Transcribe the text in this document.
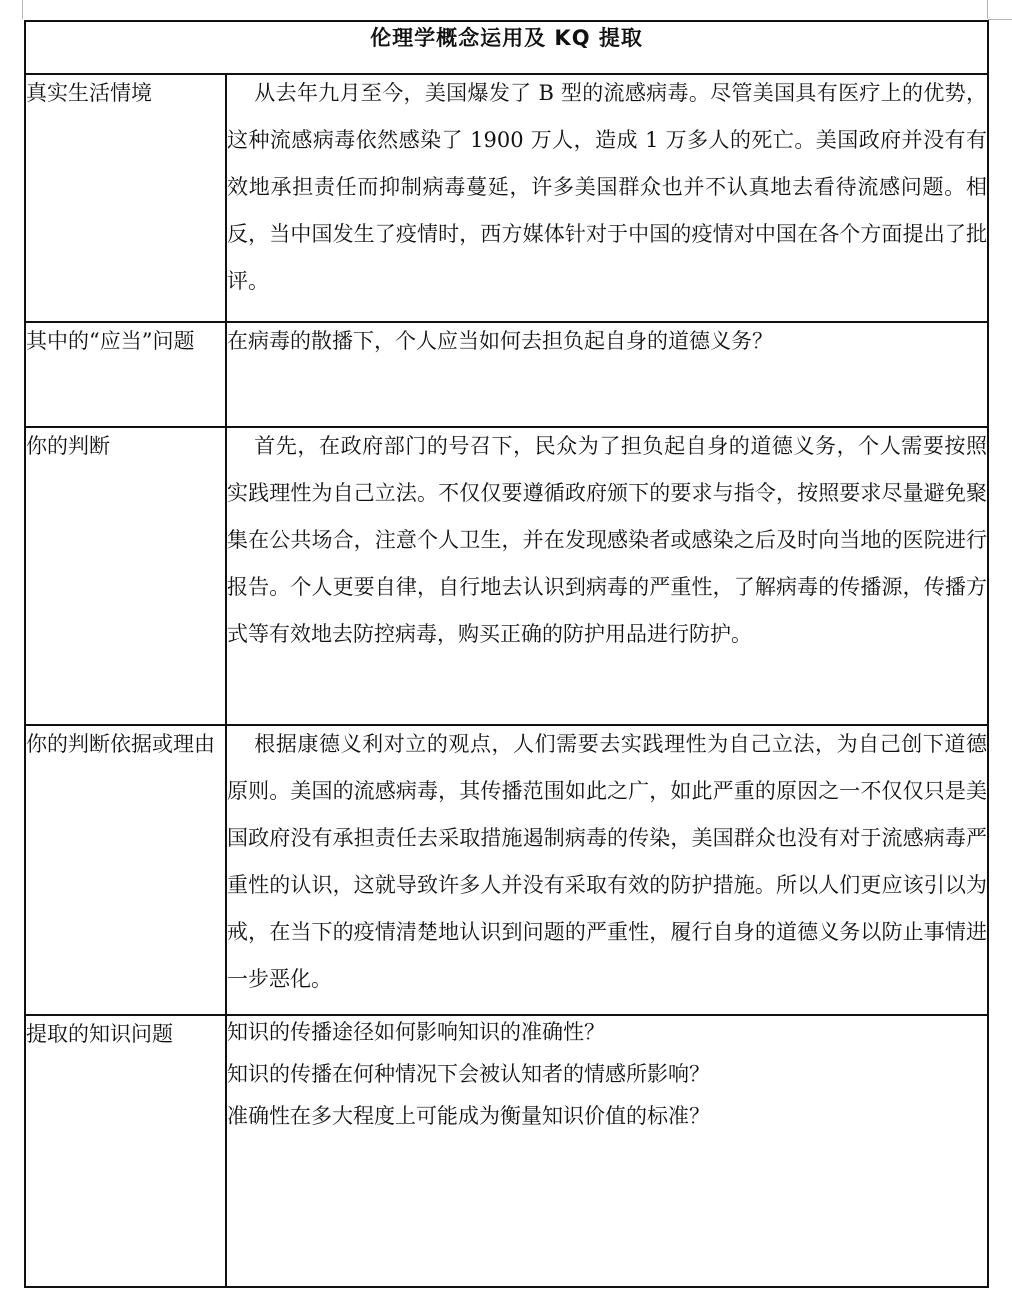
伦理学概念运用及 KQ 提取	

真实生活情境	从去年九月至今，美国爆发了 B 型的流感病毒。尽管美国具有医疗上的优势，这种流感病毒依然感染了 1900 万人，造成 1 万多人的死亡。美国政府并没有有效地承担责任而抑制病毒蔓延，许多美国群众也并不认真地去看待流感问题。相反，当中国发生了疫情时，西方媒体针对于中国的疫情对中国在各个方面提出了批评。

其中的“应当”问题	在病毒的散播下，个人应当如何去担负起自身的道德义务？

你的判断	首先，在政府部门的号召下，民众为了担负起自身的道德义务，个人需要按照实践理性为自己立法。不仅仅要遵循政府颁下的要求与指令，按照要求尽量避免聚集在公共场合，注意个人卫生，并在发现感染者或感染之后及时向当地的医院进行报告。个人更要自律，自行地去认识到病毒的严重性，了解病毒的传播源，传播方式等有效地去防控病毒，购买正确的防护用品进行防护。

你的判断依据或理由	根据康德义利对立的观点，人们需要去实践理性为自己立法，为自己创下道德原则。美国的流感病毒，其传播范围如此之广，如此严重的原因之一不仅仅只是美国政府没有承担责任去采取措施遏制病毒的传染，美国群众也没有对于流感病毒严重性的认识，这就导致许多人并没有采取有效的防护措施。所以人们更应该引以为戒，在当下的疫情清楚地认识到问题的严重性，履行自身的道德义务以防止事情进一步恶化。

提取的知识问题	知识的传播途径如何影响知识的准确性？
知识的传播在何种情况下会被认知者的情感所影响？
准确性在多大程度上可能成为衡量知识价值的标准？
